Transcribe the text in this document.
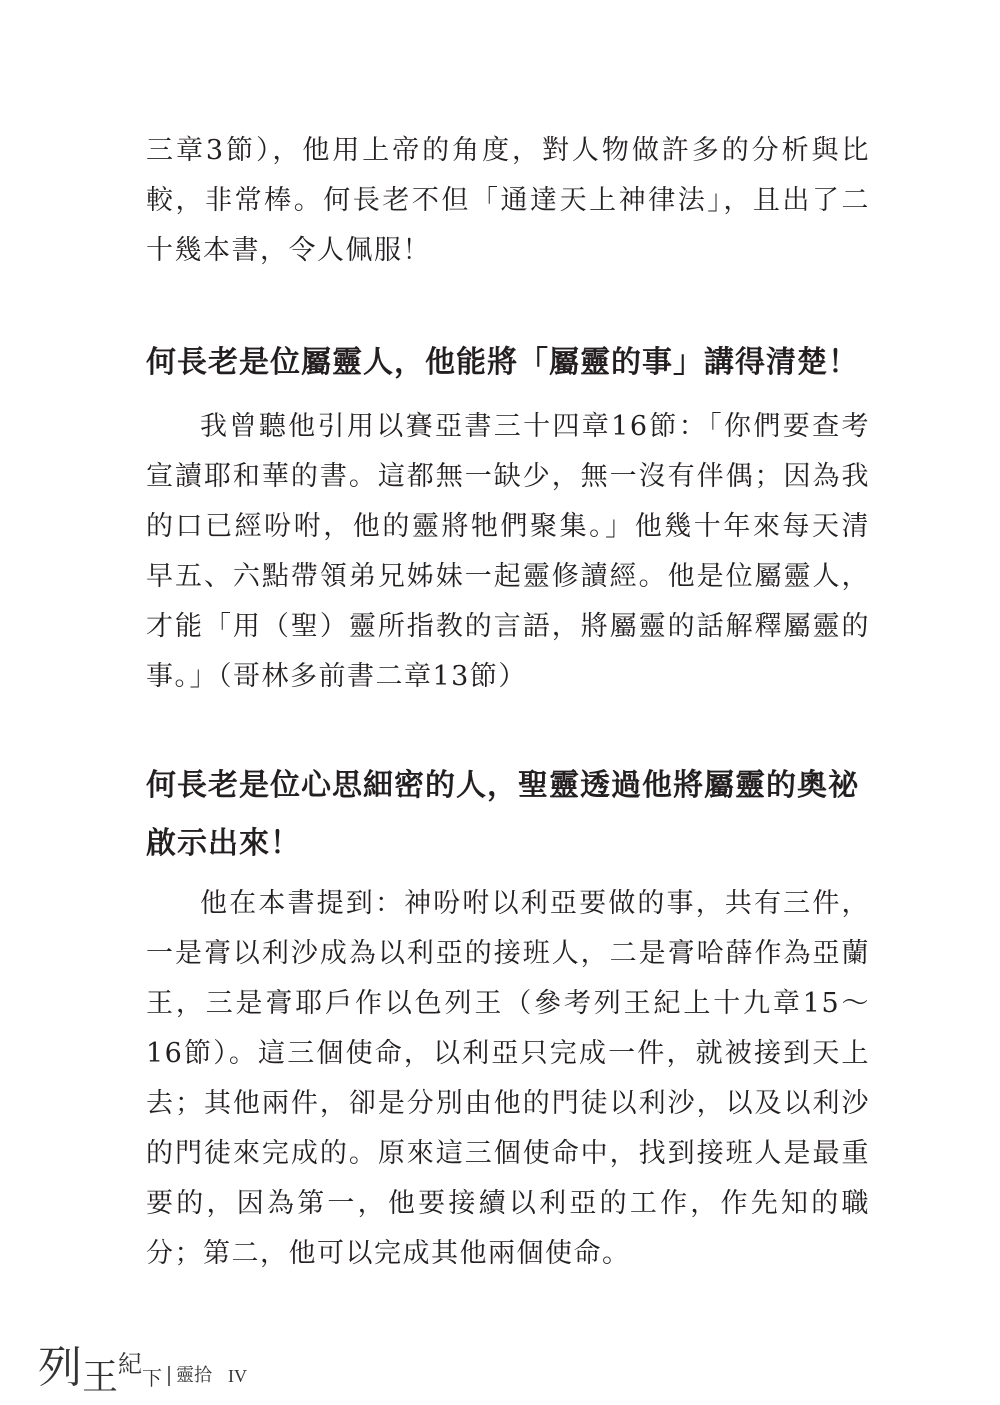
三章3節），他用上帝的角度，對人物做許多的分析與比較，非常棒。何長老不但「通達天上神律法」，且出了二十幾本書，令人佩服！

何長老是位屬靈人，他能將「屬靈的事」講得清楚！

我曾聽他引用以賽亞書三十四章16節：「你們要查考宣讀耶和華的書。這都無一缺少，無一沒有伴偶；因為我的口已經吩咐，他的靈將牠們聚集。」他幾十年來每天清早五、六點帶領弟兄姊妹一起靈修讀經。他是位屬靈人，才能「用（聖）靈所指教的言語，將屬靈的話解釋屬靈的事。」（哥林多前書二章13節）

何長老是位心思細密的人，聖靈透過他將屬靈的奧祕啟示出來！

他在本書提到：神吩咐以利亞要做的事，共有三件，一是膏以利沙成為以利亞的接班人，二是膏哈薛作為亞蘭王，三是膏耶戶作以色列王（參考列王紀上十九章15～16節）。這三個使命，以利亞只完成一件，就被接到天上去；其他兩件，卻是分別由他的門徒以利沙，以及以利沙的門徒來完成的。原來這三個使命中，找到接班人是最重要的，因為第一，他要接續以利亞的工作，作先知的職分；第二，他可以完成其他兩個使命。

列 王 紀 下 靈拾 IV
